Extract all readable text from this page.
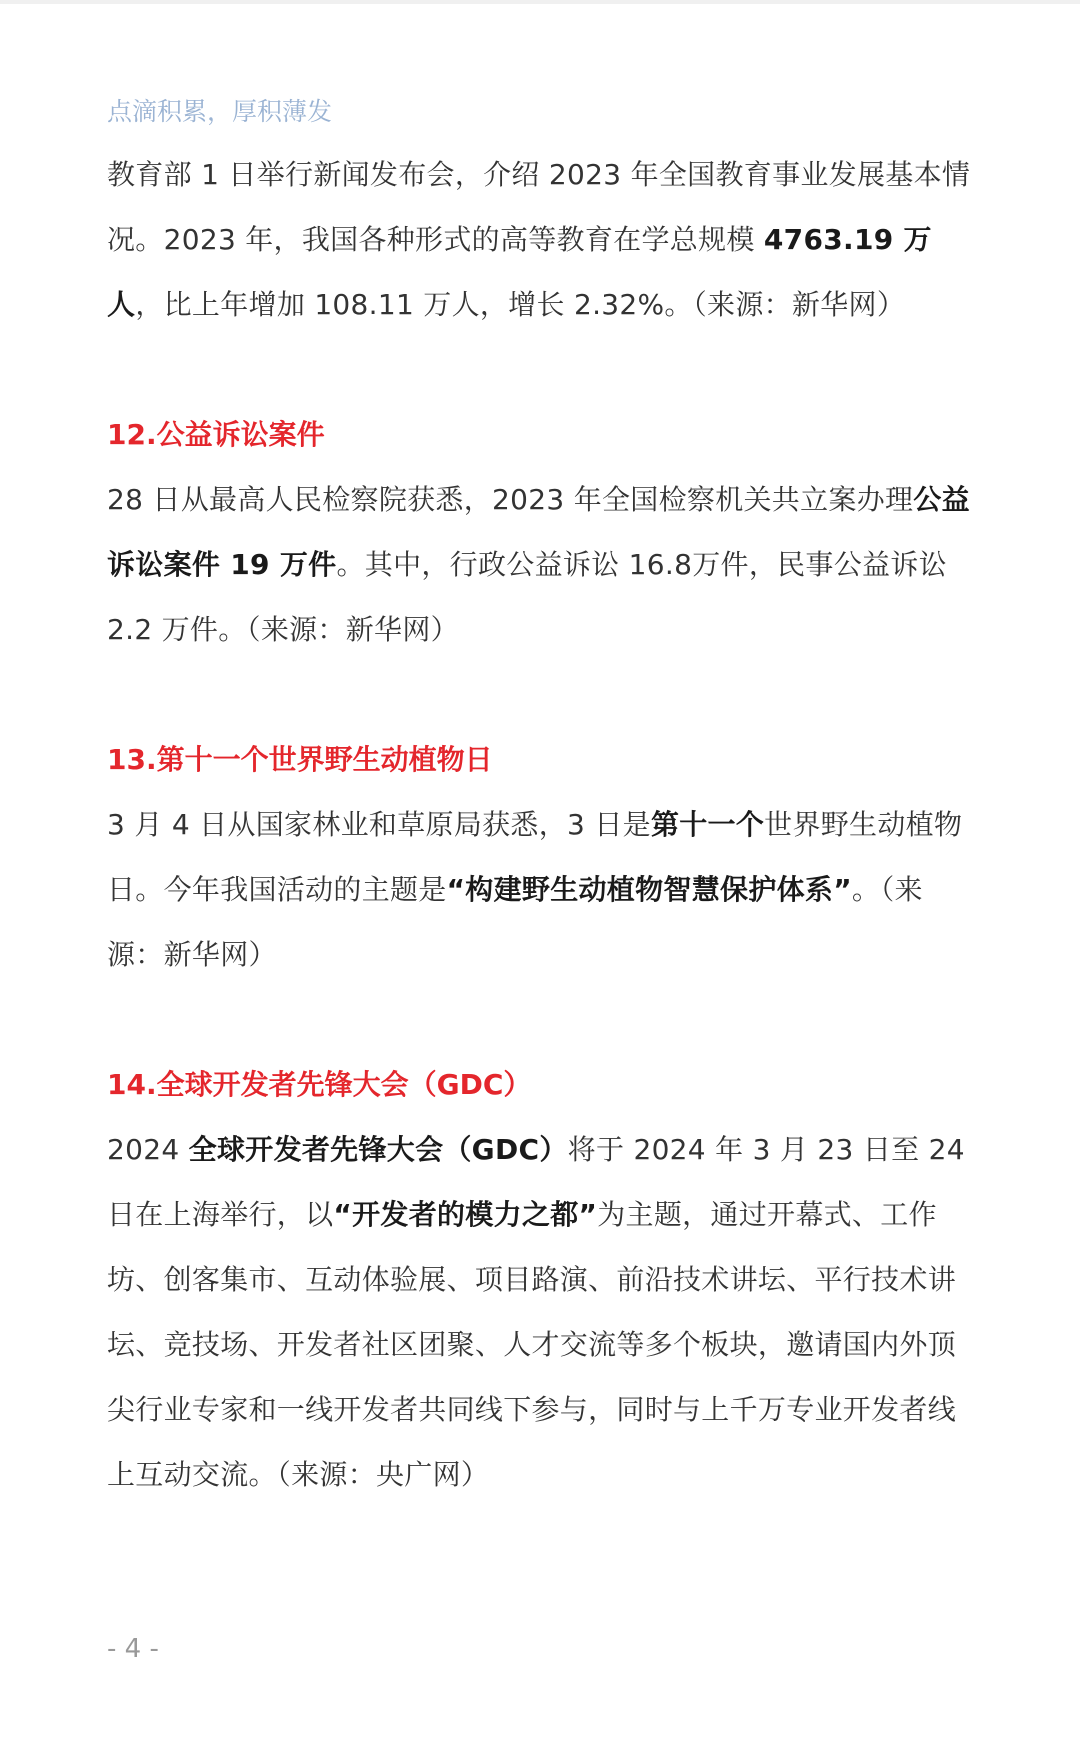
点滴积累，厚积薄发

教育部 1 日举行新闻发布会，介绍 2023 年全国教育事业发展基本情况。2023 年，我国各种形式的高等教育在学总规模 4763.19 万人，比上年增加 108.11 万人，增长 2.32%。（来源：新华网）

12.公益诉讼案件

28 日从最高人民检察院获悉，2023 年全国检察机关共立案办理公益诉讼案件 19 万件。其中，行政公益诉讼 16.8万件，民事公益诉讼 2.2 万件。（来源：新华网）

13.第十一个世界野生动植物日

3 月 4 日从国家林业和草原局获悉，3 日是第十一个世界野生动植物日。今年我国活动的主题是“构建野生动植物智慧保护体系”。（来源：新华网）

14.全球开发者先锋大会（GDC）

2024 全球开发者先锋大会（GDC）将于 2024 年 3 月 23 日至 24 日在上海举行，以“开发者的模力之都”为主题，通过开幕式、工作坊、创客集市、互动体验展、项目路演、前沿技术讲坛、平行技术讲坛、竞技场、开发者社区团聚、人才交流等多个板块，邀请国内外顶尖行业专家和一线开发者共同线下参与，同时与上千万专业开发者线上互动交流。（来源：央广网）

- 4 -
